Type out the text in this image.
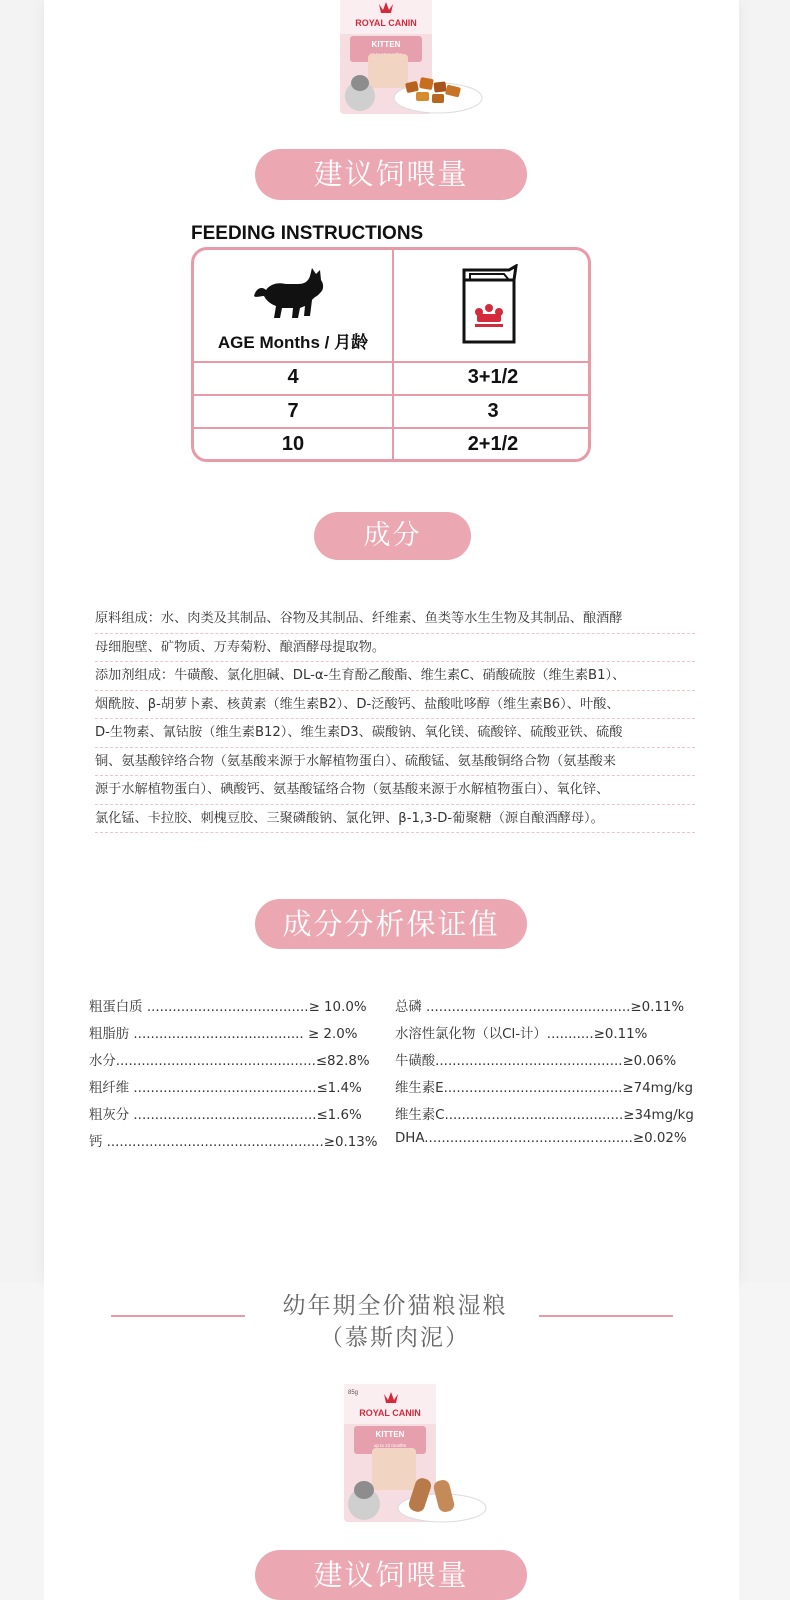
ROYAL CANIN
KITTEN
建议饲喂量
FEEDING INSTRUCTIONS
AGE Months / 月龄
4	3+1/2
7	3
10	2+1/2
成分
原料组成：水、肉类及其制品、谷物及其制品、纤维素、鱼类等水生生物及其制品、酿酒酵
母细胞壁、矿物质、万寿菊粉、酿酒酵母提取物。
添加剂组成：牛磺酸、氯化胆碱、DL-α-生育酚乙酸酯、维生素C、硝酸硫胺（维生素B1）、
烟酰胺、β-胡萝卜素、核黄素（维生素B2）、D-泛酸钙、盐酸吡哆醇（维生素B6）、叶酸、
D-生物素、氰钴胺（维生素B12）、维生素D3、碳酸钠、氧化镁、硫酸锌、硫酸亚铁、硫酸
铜、氨基酸锌络合物（氨基酸来源于水解植物蛋白）、硫酸锰、氨基酸铜络合物（氨基酸来
源于水解植物蛋白）、碘酸钙、氨基酸锰络合物（氨基酸来源于水解植物蛋白）、氧化锌、
氯化锰、卡拉胶、刺槐豆胶、三聚磷酸钠、氯化钾、β-1,3-D-葡聚糖（源自酿酒酵母）。
成分分析保证值
粗蛋白质 ......................................≥ 10.0%
粗脂肪 ........................................ ≥ 2.0%
水分...............................................≤82.8%
粗纤维 ...........................................≤1.4%
粗灰分 ...........................................≤1.6%
钙 ...................................................≥0.13%
总磷 ................................................≥0.11%
水溶性氯化物（以Cl-计）...........≥0.11%
牛磺酸............................................≥0.06%
维生素E..........................................≥74mg/kg
维生素C..........................................≥34mg/kg
DHA.................................................≥0.02%
幼年期全价猫粮湿粮
（慕斯肉泥）
85g
ROYAL CANIN
KITTEN
up to 12 months
建议饲喂量
